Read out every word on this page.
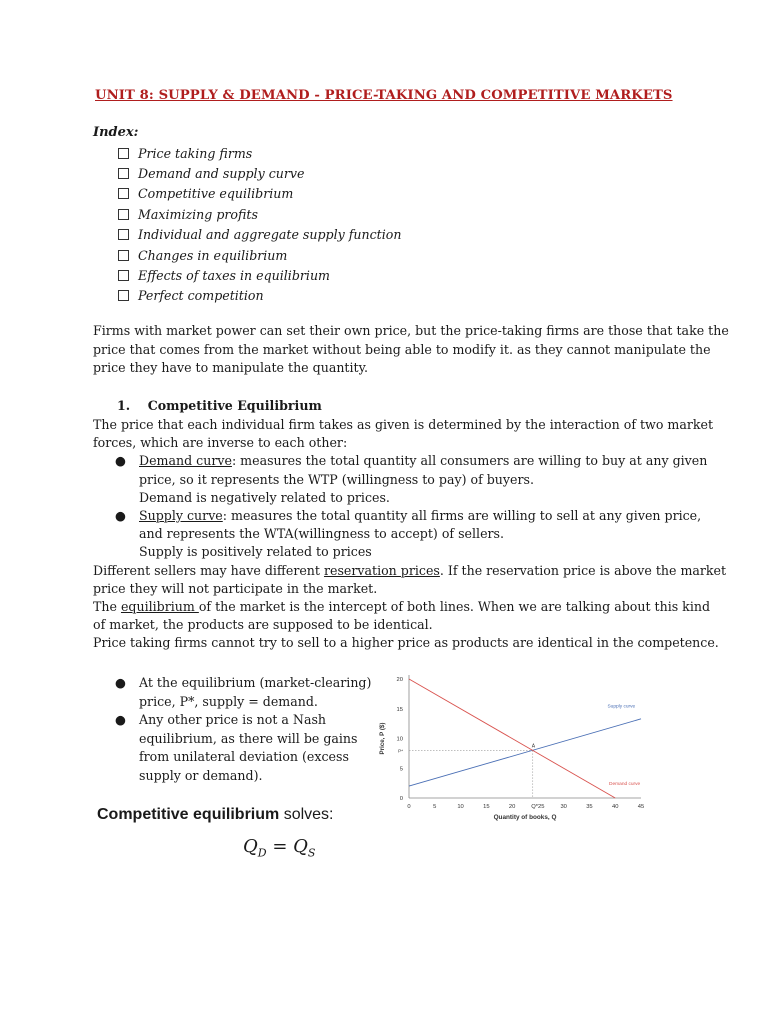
UNIT 8: SUPPLY & DEMAND - PRICE-TAKING AND COMPETITIVE MARKETS
Index:
Price taking firms
Demand and supply curve
Competitive equilibrium
Maximizing profits
Individual and aggregate supply function
Changes in equilibrium
Effects of taxes in equilibrium
Perfect competition
Firms with market power can set their own price, but the price-taking firms are those that take the
price that comes from the market without being able to modify it. as they cannot manipulate the
price they have to manipulate the quantity.
1. Competitive Equilibrium
The price that each individual firm takes as given is determined by the interaction of two market
forces, which are inverse to each other:
● Demand curve: measures the total quantity all consumers are willing to buy at any given
price, so it represents the WTP (willingness to pay) of buyers.
Demand is negatively related to prices.
● Supply curve: measures the total quantity all firms are willing to sell at any given price,
and represents the WTA(willingness to accept) of sellers.
Supply is positively related to prices
Different sellers may have different reservation prices. If the reservation price is above the market
price they will not participate in the market.
The equilibrium of the market is the intercept of both lines. When we are talking about this kind
of market, the products are supposed to be identical.
Price taking firms cannot try to sell to a higher price as products are identical in the competence.
● At the equilibrium (market-clearing)
price, P*, supply = demand.
● Any other price is not a Nash
equilibrium, as there will be gains
from unilateral deviation (excess
supply or demand).
Competitive equilibrium solves:
$Q_D = Q_S$
0	5	10	15	20	Q*25	30	35	40	45
0
5
P*
10
15
20
Quantity of books, Q
Price, P ($)
Supply curve
Demand curve
A
